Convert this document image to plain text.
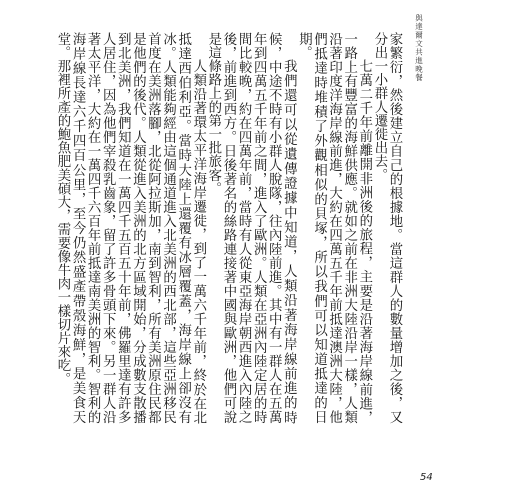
與達爾文共進晚餐

家繁衍，然後建立自己的根據地。當這群人的數量增加之後，又分出一小群人遷徙出去。

七萬二千年前離開非洲後的旅程，主要是沿著海岸線前進，一路上有豐富的海鮮供應。就如之前在非洲大陸沿岸一樣，人類沿著印度洋海岸線前進，大約在四萬五千年前抵達澳洲大陸，他們抵達時堆積了外觀相似的貝塚，所以我們可以知道抵達的日期。

我們還可以從遺傳證據中知道，人類沿著海岸線前進的時候，中途不時有小群人脫隊，往內陸前進。其中有一群人在五萬年到四萬五千年前之間，進入了歐洲。人類在亞洲內陸定居的時間比較晚，約在四萬年前，當時有人從東亞海岸朝西進入內陸之後，前進到西方。日後著名的絲路連接著中國與歐洲，他們可說是這條路上的第一批旅客。

人類沿著環太平洋海岸遷徙，到了一萬六千年前，終於在北抵達西伯利亞。當時大陸上還覆有冰層覆蓋，海岸線上卻沒有冰。人類能夠經由這個通道進入北美洲的西北部，這些亞洲移民首度在美洲落腳，北從阿拉斯加，南到智利，所有美洲原住民都是他們的後代。人類從進入美洲的北方區域開始，分成數支散播到北美洲，我們知道在一萬四千五百五十年前，佛羅里達有許多人居住，因為他們宰殺乳齒象，留了許多骨頭下來。另一群人沿著太平洋，大約在一萬四千六百年前抵達南美洲的智利。智利的海岸線長達六千四百公里，至今仍然盛產帶殼海鮮，是美食天堂。那裡所產的鮑魚肥美碩大，需要像牛肉一樣切片來吃。

54
